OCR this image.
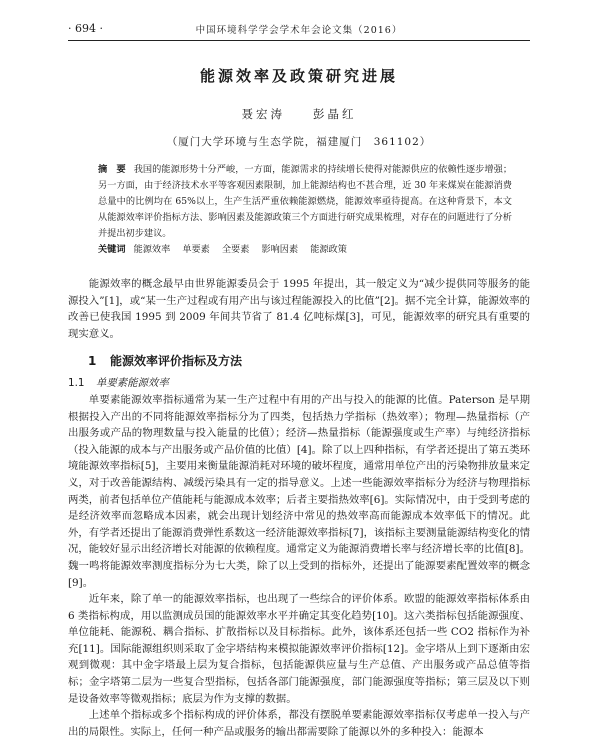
· 694 ·	中国环境科学学会学术年会论文集（2016）
能源效率及政策研究进展
聂宏涛 彭晶红
（厦门大学环境与生态学院，福建厦门　361102）
摘　要 我国的能源形势十分严峻，一方面，能源需求的持续增长使得对能源供应的依赖性逐步增强；另一方面，由于经济技术水平等客观因素限制，加上能源结构也不甚合理，近 30 年来煤炭在能源消费总量中的比例均在 65%以上，生产生活严重依赖能源燃烧，能源效率亟待提高。在这种背景下，本文从能源效率评价指标方法、影响因素及能源政策三个方面进行研究成果梳理，对存在的问题进行了分析并提出初步建议。
关键词 能源效率 单要素 全要素 影响因素 能源政策

能源效率的概念最早由世界能源委员会于 1995 年提出，其一般定义为“减少提供同等服务的能源投入”[1]，或“某一生产过程或有用产出与该过程能源投入的比值”[2]。据不完全计算，能源效率的改善已使我国 1995 到 2009 年间共节省了 81.4 亿吨标煤[3]，可见，能源效率的研究具有重要的现实意义。

1 能源效率评价指标及方法
1.1 单要素能源效率

单要素能源效率指标通常为某一生产过程中有用的产出与投入的能源的比值。Paterson 是早期根据投入产出的不同将能源效率指标分为了四类，包括热力学指标（热效率）；物理—热量指标（产出服务或产品的物理数量与投入能量的比值）；经济—热量指标（能源强度或生产率）与纯经济指标（投入能源的成本与产出服务或产品价值的比值）[4]。除了以上四种指标，有学者还提出了第五类环境能源效率指标[5]，主要用来衡量能源消耗对环境的破坏程度，通常用单位产出的污染物排放量来定义，对于改善能源结构、减缓污染具有一定的指导意义。上述一些能源效率指标分为经济与物理指标两类，前者包括单位产值能耗与能源成本效率；后者主要指热效率[6]。实际情况中，由于受到考虑的是经济效率而忽略成本因素，就会出现计划经济中常见的热效率高而能源成本效率低下的情况。此外，有学者还提出了能源消费弹性系数这一经济能源效率指标[7]，该指标主要测量能源结构变化的情况，能较好显示出经济增长对能源的依赖程度。通常定义为能源消费增长率与经济增长率的比值[8]。魏一鸣将能源效率测度指标分为七大类，除了以上受到的指标外，还提出了能源要素配置效率的概念[9]。

近年来，除了单一的能源效率指标，也出现了一些综合的评价体系。欧盟的能源效率指标体系由 6 类指标构成，用以监测成员国的能源效率水平并确定其变化趋势[10]。这六类指标包括能源强度、单位能耗、能源税、耦合指标、扩散指标以及目标指标。此外，该体系还包括一些 CO2 指标作为补充[11]。国际能源组织则采取了金字塔结构来模拟能源效率评价指标[12]。金字塔从上到下逐渐由宏观到微观：其中金字塔最上层为复合指标，包括能源供应量与生产总值、产出服务或产品总值等指标；金字塔第二层为一些复合型指标，包括各部门能源强度，部门能源强度等指标；第三层及以下则是设备效率等微观指标；底层为作为支撑的数据。

上述单个指标或多个指标构成的评价体系，都没有摆脱单要素能源效率指标仅考虑单一投入与产出的局限性。实际上，任何一种产品或服务的输出都需要除了能源以外的多种投入：能源本
